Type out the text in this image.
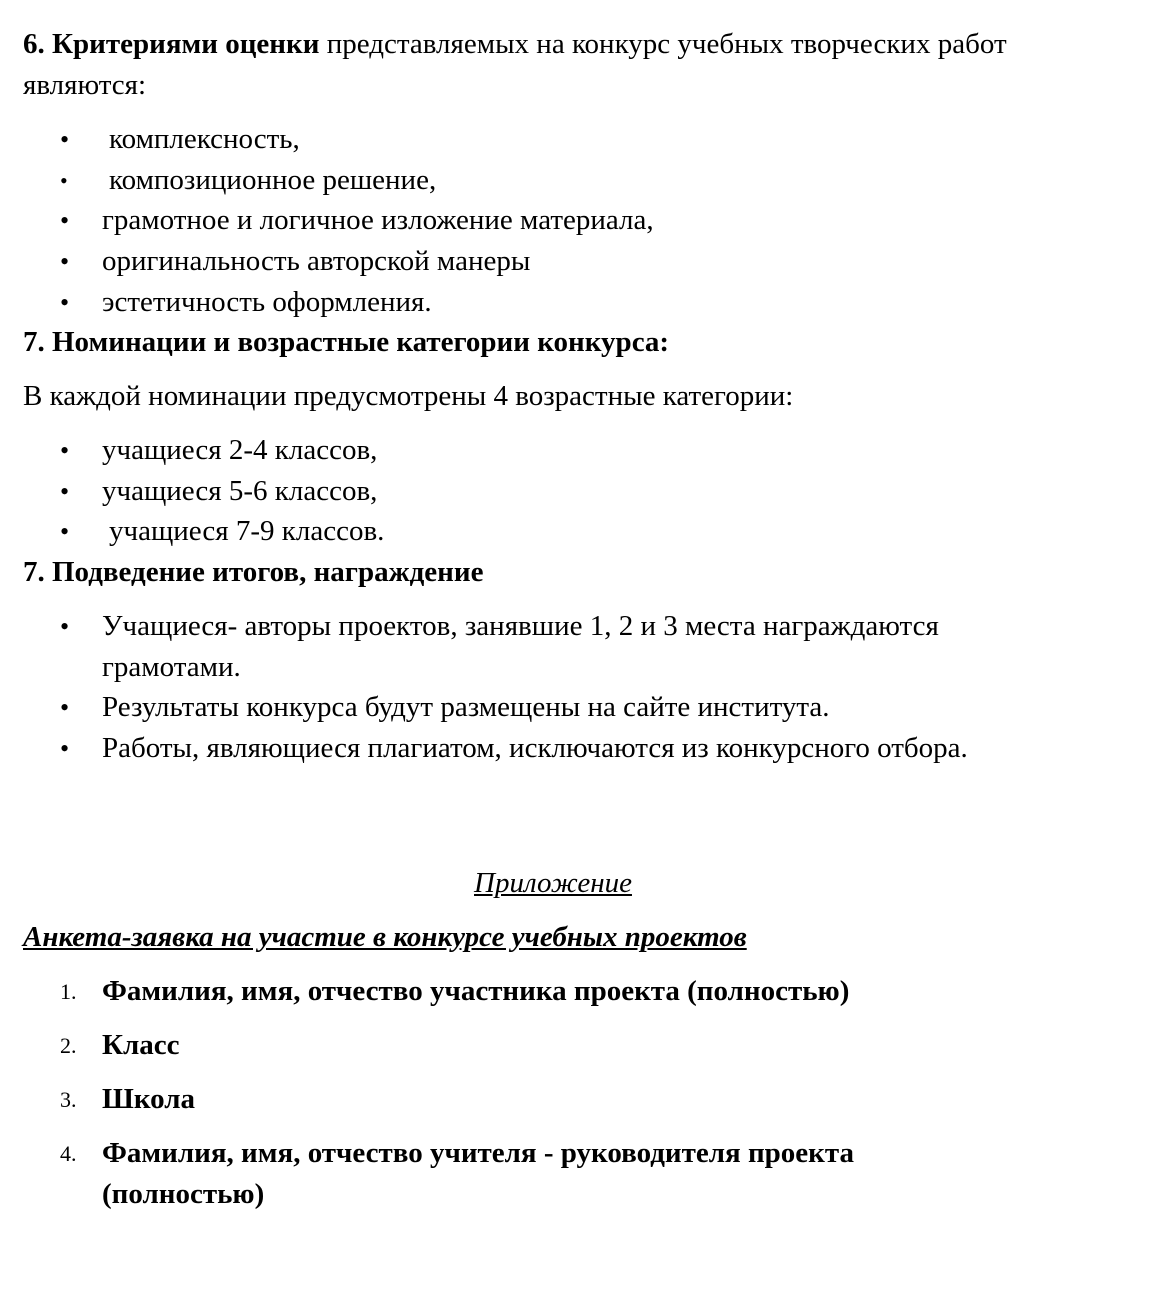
6. Критериями оценки представляемых на конкурс учебных творческих работ
являются:
•	комплексность,
•	композиционное решение,
•	грамотное и логичное изложение материала,
•	оригинальность авторской манеры
•	эстетичность оформления.
7. Номинации и возрастные категории конкурса:
В каждой номинации предусмотрены 4 возрастные категории:
•	учащиеся 2-4 классов,
•	учащиеся 5-6 классов,
•	учащиеся 7-9 классов.
7. Подведение итогов, награждение
•	Учащиеся- авторы проектов, занявшие 1, 2 и 3 места награждаются
грамотами.
•	Результаты конкурса будут размещены на сайте института.
•	Работы, являющиеся плагиатом, исключаются из конкурсного отбора.
Приложение
Анкета-заявка на участие в конкурсе учебных проектов
1. Фамилия, имя, отчество участника проекта (полностью)
2. Класс
3. Школа
4. Фамилия, имя, отчество учителя - руководителя проекта
(полностью)
